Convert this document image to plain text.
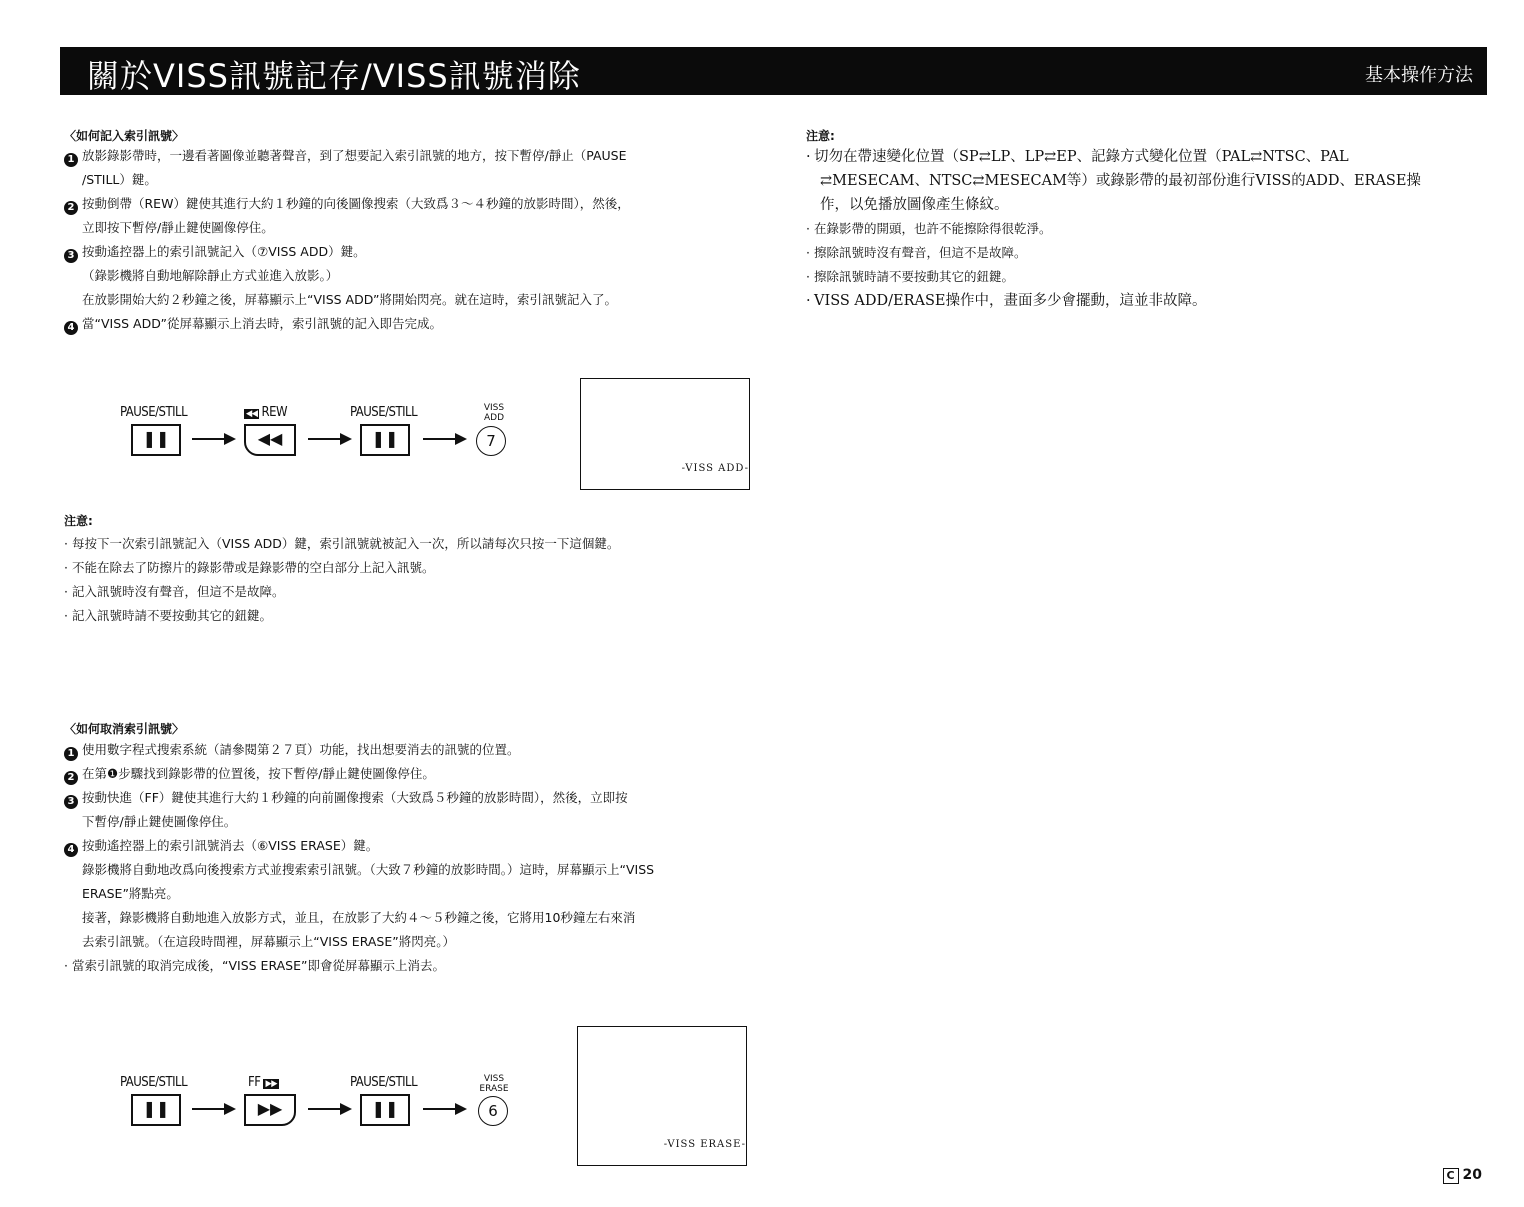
關於VISS訊號記存/VISS訊號消除	基本操作方法
〈如何記入索引訊號〉
1 放影錄影帶時，一邊看著圖像並聽著聲音，到了想要記入索引訊號的地方，按下暫停/靜止（PAUSE
/STILL）鍵。
2 按動倒帶（REW）鍵使其進行大約１秒鐘的向後圖像搜索（大致爲３～４秒鐘的放影時間），然後，
立即按下暫停/靜止鍵使圖像停住。
3 按動遙控器上的索引訊號記入（⑦VISS ADD）鍵。
（錄影機將自動地解除靜止方式並進入放影。）
在放影開始大約２秒鐘之後，屏幕顯示上“VISS ADD”將開始閃亮。就在這時，索引訊號記入了。
4 當“VISS ADD”從屏幕顯示上消去時，索引訊號的記入即告完成。
PAUSE/STILL
❚❚
◀◀ REW
◀◀
PAUSE/STILL
❚❚
VISS
ADD
7
-VISS ADD-
注意:
· 每按下一次索引訊號記入（VISS ADD）鍵，索引訊號就被記入一次，所以請每次只按一下這個鍵。
· 不能在除去了防擦片的錄影帶或是錄影帶的空白部分上記入訊號。
· 記入訊號時沒有聲音，但這不是故障。
· 記入訊號時請不要按動其它的鈕鍵。
〈如何取消索引訊號〉
1 使用數字程式搜索系統（請參閱第２７頁）功能，找出想要消去的訊號的位置。
2 在第❶步驟找到錄影帶的位置後，按下暫停/靜止鍵使圖像停住。
3 按動快進（FF）鍵使其進行大約１秒鐘的向前圖像搜索（大致爲５秒鐘的放影時間），然後，立即按
下暫停/靜止鍵使圖像停住。
4 按動遙控器上的索引訊號消去（⑥VISS ERASE）鍵。
錄影機將自動地改爲向後搜索方式並搜索索引訊號。（大致７秒鐘的放影時間。）這時，屏幕顯示上“VISS
ERASE”將點亮。
接著，錄影機將自動地進入放影方式，並且，在放影了大約４～５秒鐘之後，它將用10秒鐘左右來消
去索引訊號。（在這段時間裡，屏幕顯示上“VISS ERASE”將閃亮。）
· 當索引訊號的取消完成後，“VISS ERASE”即會從屏幕顯示上消去。
PAUSE/STILL
❚❚
FF ▶▶
▶▶
PAUSE/STILL
❚❚
VISS
ERASE
6
-VISS ERASE-
注意:
· 切勿在帶速變化位置（SP⇄LP、LP⇄EP、記錄方式變化位置（PAL⇄NTSC、PAL
⇄MESECAM、NTSC⇄MESECAM等）或錄影帶的最初部份進行VISS的ADD、ERASE操
作，以免播放圖像產生條紋。
· 在錄影帶的開頭，也許不能擦除得很乾淨。
· 擦除訊號時沒有聲音，但這不是故障。
· 擦除訊號時請不要按動其它的鈕鍵。
· VISS ADD/ERASE操作中，畫面多少會擺動，這並非故障。
C 20
